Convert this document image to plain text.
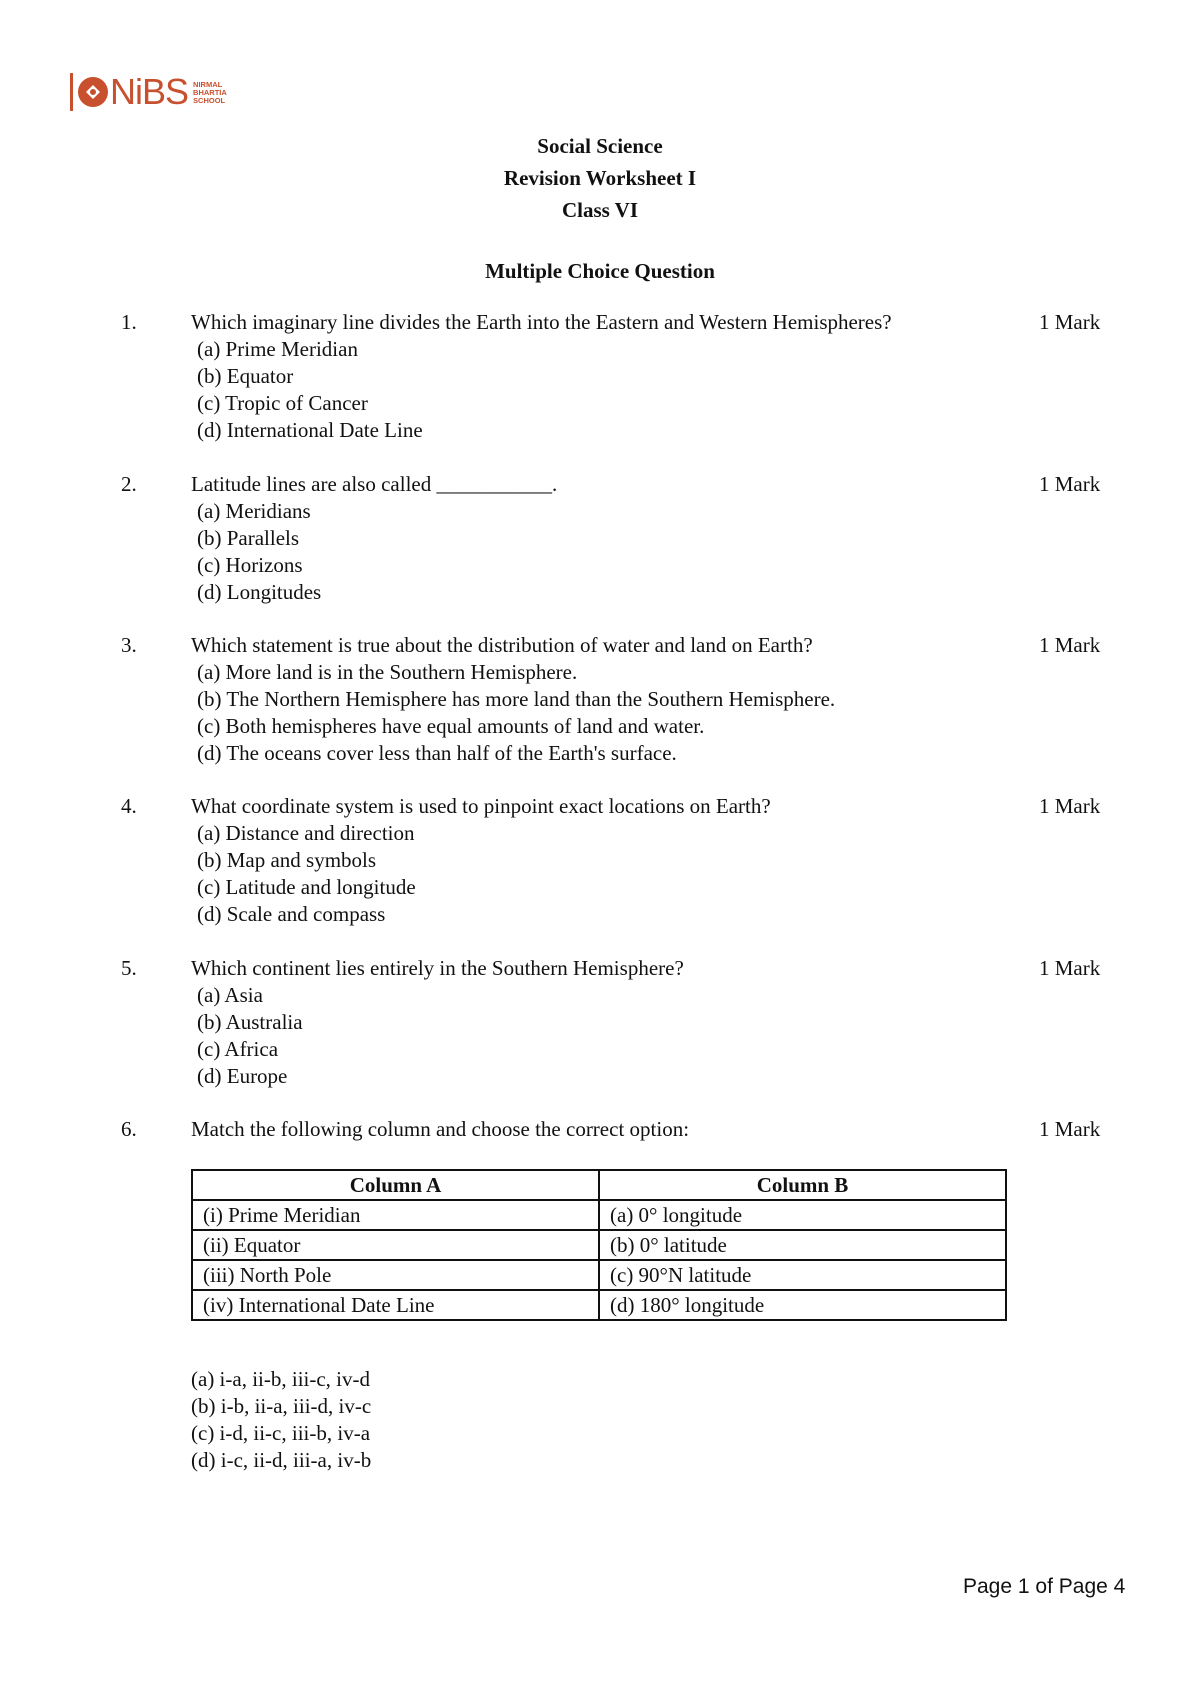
NiBS NIRMAL
BHARTIA
SCHOOL
Social Science
Revision Worksheet I
Class VI
Multiple Choice Question
1.	Which imaginary line divides the Earth into the Eastern and Western Hemispheres?	1 Mark
(a) Prime Meridian
(b) Equator
(c) Tropic of Cancer
(d) International Date Line
2.	Latitude lines are also called ___________.	1 Mark
(a) Meridians
(b) Parallels
(c) Horizons
(d) Longitudes
3.	Which statement is true about the distribution of water and land on Earth?	1 Mark
(a) More land is in the Southern Hemisphere.
(b) The Northern Hemisphere has more land than the Southern Hemisphere.
(c) Both hemispheres have equal amounts of land and water.
(d) The oceans cover less than half of the Earth's surface.
4.	What coordinate system is used to pinpoint exact locations on Earth?	1 Mark
(a) Distance and direction
(b) Map and symbols
(c) Latitude and longitude
(d) Scale and compass
5.	Which continent lies entirely in the Southern Hemisphere?	1 Mark
(a) Asia
(b) Australia
(c) Africa
(d) Europe
6.	Match the following column and choose the correct option:	1 Mark
Column A	Column B
(i) Prime Meridian	(a) 0° longitude
(ii) Equator	(b) 0° latitude
(iii) North Pole	(c) 90°N latitude
(iv) International Date Line	(d) 180° longitude
(a) i-a, ii-b, iii-c, iv-d
(b) i-b, ii-a, iii-d, iv-c
(c) i-d, ii-c, iii-b, iv-a
(d) i-c, ii-d, iii-a, iv-b
Page 1 of Page 4
